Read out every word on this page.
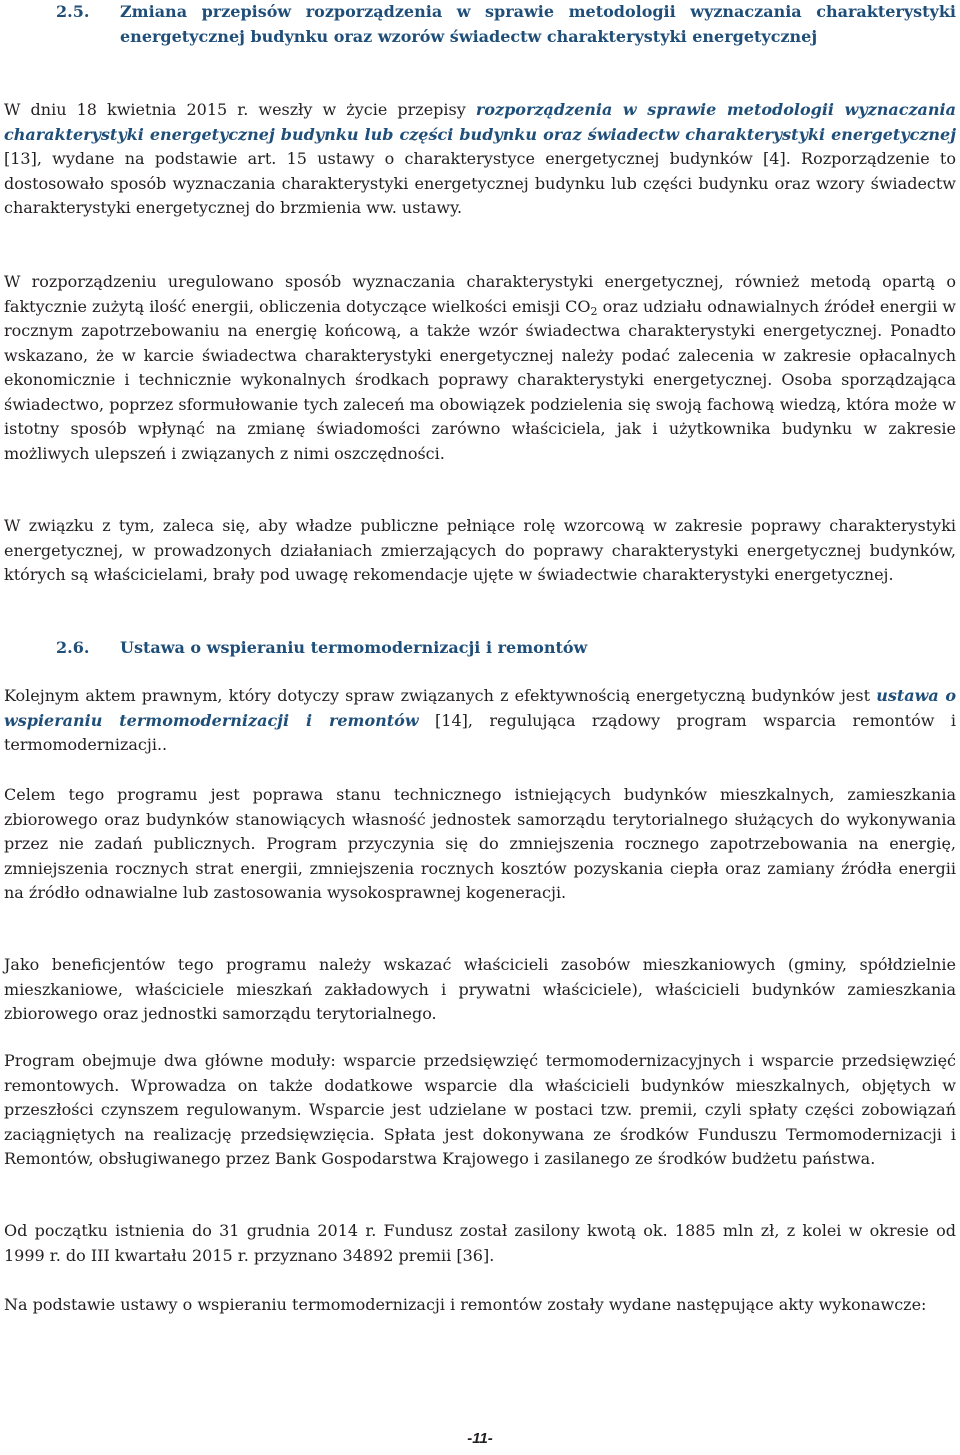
2.5. Zmiana przepisów rozporządzenia w sprawie metodologii wyznaczania charakterystyki energetycznej budynku oraz wzorów świadectw charakterystyki energetycznej

W dniu 18 kwietnia 2015 r. weszły w życie przepisy rozporządzenia w sprawie metodologii wyznaczania charakterystyki energetycznej budynku lub części budynku oraz świadectw charakterystyki energetycznej [13], wydane na podstawie art. 15 ustawy o charakterystyce energetycznej budynków [4]. Rozporządzenie to dostosowało sposób wyznaczania charakterystyki energetycznej budynku lub części budynku oraz wzory świadectw charakterystyki energetycznej do brzmienia ww. ustawy.

W rozporządzeniu uregulowano sposób wyznaczania charakterystyki energetycznej, również metodą opartą o faktycznie zużytą ilość energii, obliczenia dotyczące wielkości emisji $CO_2$ oraz udziału odnawialnych źródeł energii w rocznym zapotrzebowaniu na energię końcową, a także wzór świadectwa charakterystyki energetycznej. Ponadto wskazano, że w karcie świadectwa charakterystyki energetycznej należy podać zalecenia w zakresie opłacalnych ekonomicznie i technicznie wykonalnych środkach poprawy charakterystyki energetycznej. Osoba sporządzająca świadectwo, poprzez sformułowanie tych zaleceń ma obowiązek podzielenia się swoją fachową wiedzą, która może w istotny sposób wpłynąć na zmianę świadomości zarówno właściciela, jak i użytkownika budynku w zakresie możliwych ulepszeń i związanych z nimi oszczędności.

W związku z tym, zaleca się, aby władze publiczne pełniące rolę wzorcową w zakresie poprawy charakterystyki energetycznej, w prowadzonych działaniach zmierzających do poprawy charakterystyki energetycznej budynków, których są właścicielami, brały pod uwagę rekomendacje ujęte w świadectwie charakterystyki energetycznej.

2.6. Ustawa o wspieraniu termomodernizacji i remontów

Kolejnym aktem prawnym, który dotyczy spraw związanych z efektywnością energetyczną budynków jest ustawa o wspieraniu termomodernizacji i remontów [14], regulująca rządowy program wsparcia remontów i termomodernizacji..

Celem tego programu jest poprawa stanu technicznego istniejących budynków mieszkalnych, zamieszkania zbiorowego oraz budynków stanowiących własność jednostek samorządu terytorialnego służących do wykonywania przez nie zadań publicznych. Program przyczynia się do zmniejszenia rocznego zapotrzebowania na energię, zmniejszenia rocznych strat energii, zmniejszenia rocznych kosztów pozyskania ciepła oraz zamiany źródła energii na źródło odnawialne lub zastosowania wysokosprawnej kogeneracji.

Jako beneficjentów tego programu należy wskazać właścicieli zasobów mieszkaniowych (gminy, spółdzielnie mieszkaniowe, właściciele mieszkań zakładowych i prywatni właściciele), właścicieli budynków zamieszkania zbiorowego oraz jednostki samorządu terytorialnego.

Program obejmuje dwa główne moduły: wsparcie przedsięwzięć termomodernizacyjnych i wsparcie przedsięwzięć remontowych. Wprowadza on także dodatkowe wsparcie dla właścicieli budynków mieszkalnych, objętych w przeszłości czynszem regulowanym. Wsparcie jest udzielane w postaci tzw. premii, czyli spłaty części zobowiązań zaciągniętych na realizację przedsięwzięcia. Spłata jest dokonywana ze środków Funduszu Termomodernizacji i Remontów, obsługiwanego przez Bank Gospodarstwa Krajowego i zasilanego ze środków budżetu państwa.

Od początku istnienia do 31 grudnia 2014 r. Fundusz został zasilony kwotą ok. 1885 mln zł, z kolei w okresie od 1999 r. do III kwartału 2015 r. przyznano 34892 premii [36].

Na podstawie ustawy o wspieraniu termomodernizacji i remontów zostały wydane następujące akty wykonawcze:

-11-
